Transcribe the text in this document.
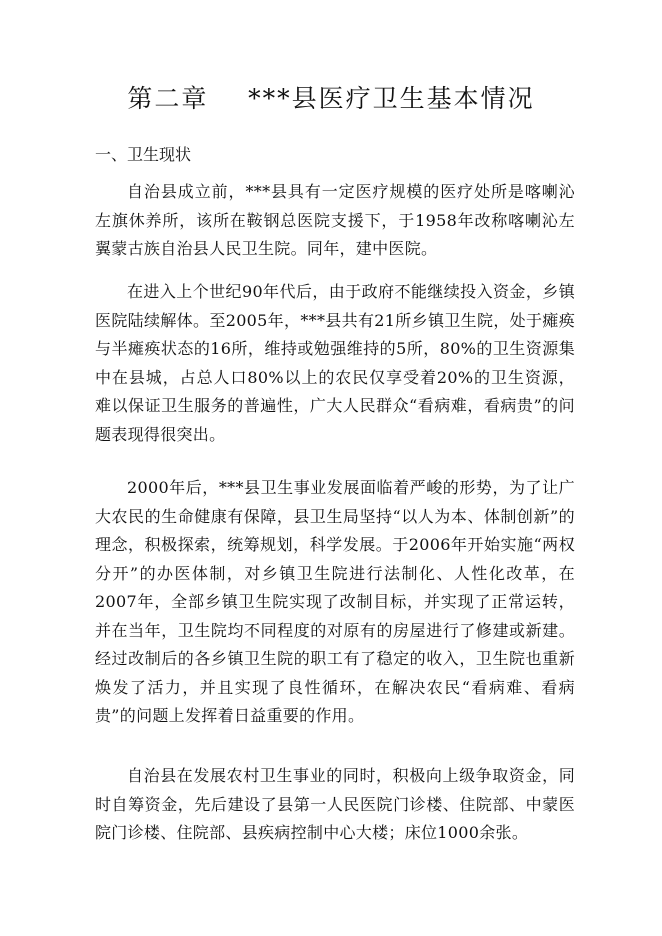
第二章    ***县医疗卫生基本情况
一、卫生现状

自治县成立前，***县具有一定医疗规模的医疗处所是喀喇沁左旗休养所，该所在鞍钢总医院支援下，于1958年改称喀喇沁左翼蒙古族自治县人民卫生院。同年，建中医院。

在进入上个世纪90年代后，由于政府不能继续投入资金，乡镇医院陆续解体。至2005年，***县共有21所乡镇卫生院，处于瘫痪与半瘫痪状态的16所，维持或勉强维持的5所，80%的卫生资源集中在县城，占总人口80%以上的农民仅享受着20%的卫生资源，难以保证卫生服务的普遍性，广大人民群众“看病难，看病贵”的问题表现得很突出。

2000年后，***县卫生事业发展面临着严峻的形势，为了让广大农民的生命健康有保障，县卫生局坚持“以人为本、体制创新”的理念，积极探索，统筹规划，科学发展。于2006年开始实施“两权分开”的办医体制，对乡镇卫生院进行法制化、人性化改革，在2007年，全部乡镇卫生院实现了改制目标，并实现了正常运转，并在当年，卫生院均不同程度的对原有的房屋进行了修建或新建。经过改制后的各乡镇卫生院的职工有了稳定的收入，卫生院也重新焕发了活力，并且实现了良性循环，在解决农民“看病难、看病贵”的问题上发挥着日益重要的作用。

自治县在发展农村卫生事业的同时，积极向上级争取资金，同时自筹资金，先后建设了县第一人民医院门诊楼、住院部、中蒙医院门诊楼、住院部、县疾病控制中心大楼；床位1000余张。
